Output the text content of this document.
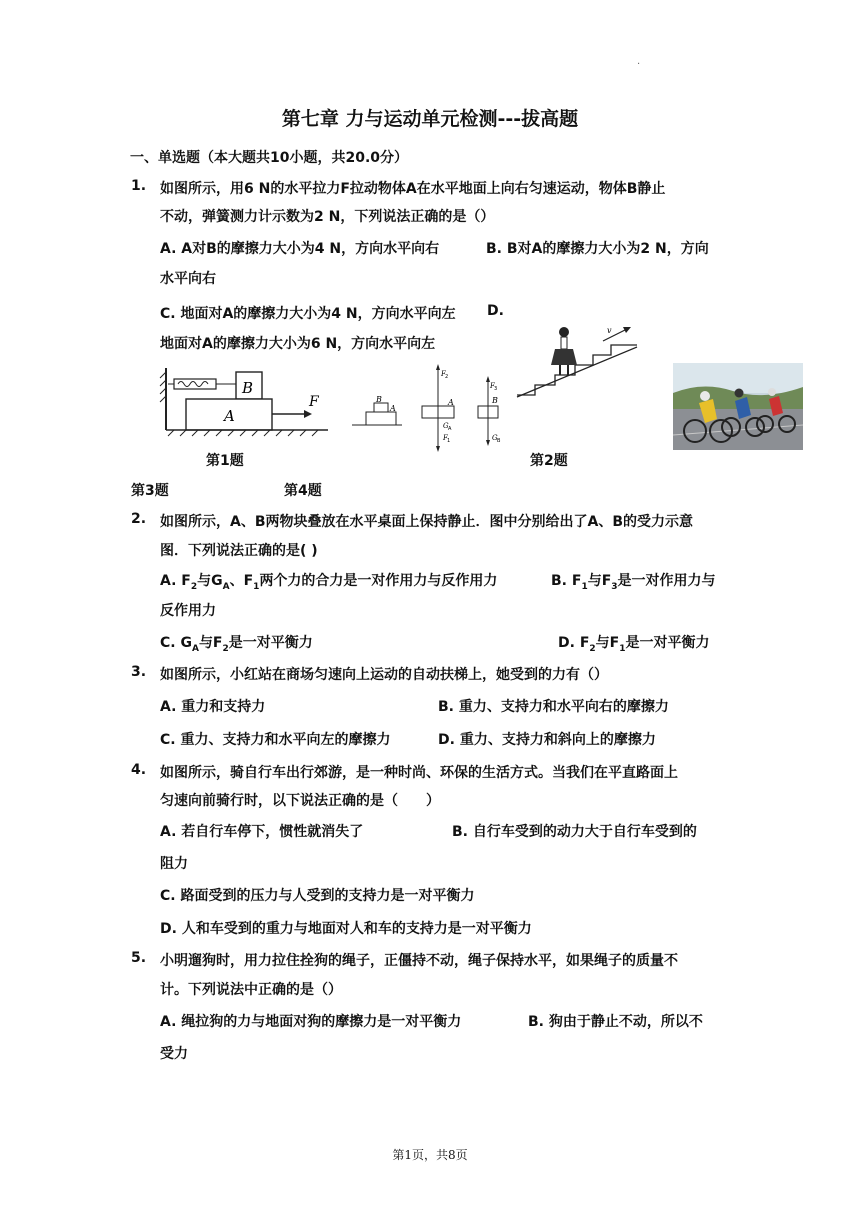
.
第七章 力与运动单元检测---拔高题
一、单选题（本大题共10小题，共20.0分）
1. 如图所示，用6 N的水平拉力F拉动物体A在水平地面上向右匀速运动，物体B静止
不动，弹簧测力计示数为2 N，下列说法正确的是（）
A. A对B的摩擦力大小为4 N，方向水平向右	B. B对A的摩擦力大小为2 N，方向
水平向右
C. 地面对A的摩擦力大小为4 N，方向水平向左 D.
地面对A的摩擦力大小为6 N，方向水平向左
B
A
F	B
A
F 2
A
G A
F 1
F 3
B
G B
v
第1题	第2题
第3题	第4题
2. 如图所示，A、B两物块叠放在水平桌面上保持静止．图中分别给出了A、B的受力示意
图．下列说法正确的是( )
A. $F_2$与$G_A$、$F_1$两个力的合力是一对作用力与反作用力	B. $F_1$与$F_3$是一对作用力与
反作用力
C. $G_A$与$F_2$是一对平衡力	D. $F_2$与$F_1$是一对平衡力
3. 如图所示，小红站在商场匀速向上运动的自动扶梯上，她受到的力有（）
A. 重力和支持力	B. 重力、支持力和水平向右的摩擦力
C. 重力、支持力和水平向左的摩擦力	D. 重力、支持力和斜向上的摩擦力
4. 如图所示，骑自行车出行郊游，是一种时尚、环保的生活方式。当我们在平直路面上
匀速向前骑行时，以下说法正确的是（　　）
A. 若自行车停下，惯性就消失了	B. 自行车受到的动力大于自行车受到的
阻力
C. 路面受到的压力与人受到的支持力是一对平衡力
D. 人和车受到的重力与地面对人和车的支持力是一对平衡力
5. 小明遛狗时，用力拉住拴狗的绳子，正僵持不动，绳子保持水平，如果绳子的质量不
计。下列说法中正确的是（）
A. 绳拉狗的力与地面对狗的摩擦力是一对平衡力	B. 狗由于静止不动，所以不
受力
第1页，共8页
